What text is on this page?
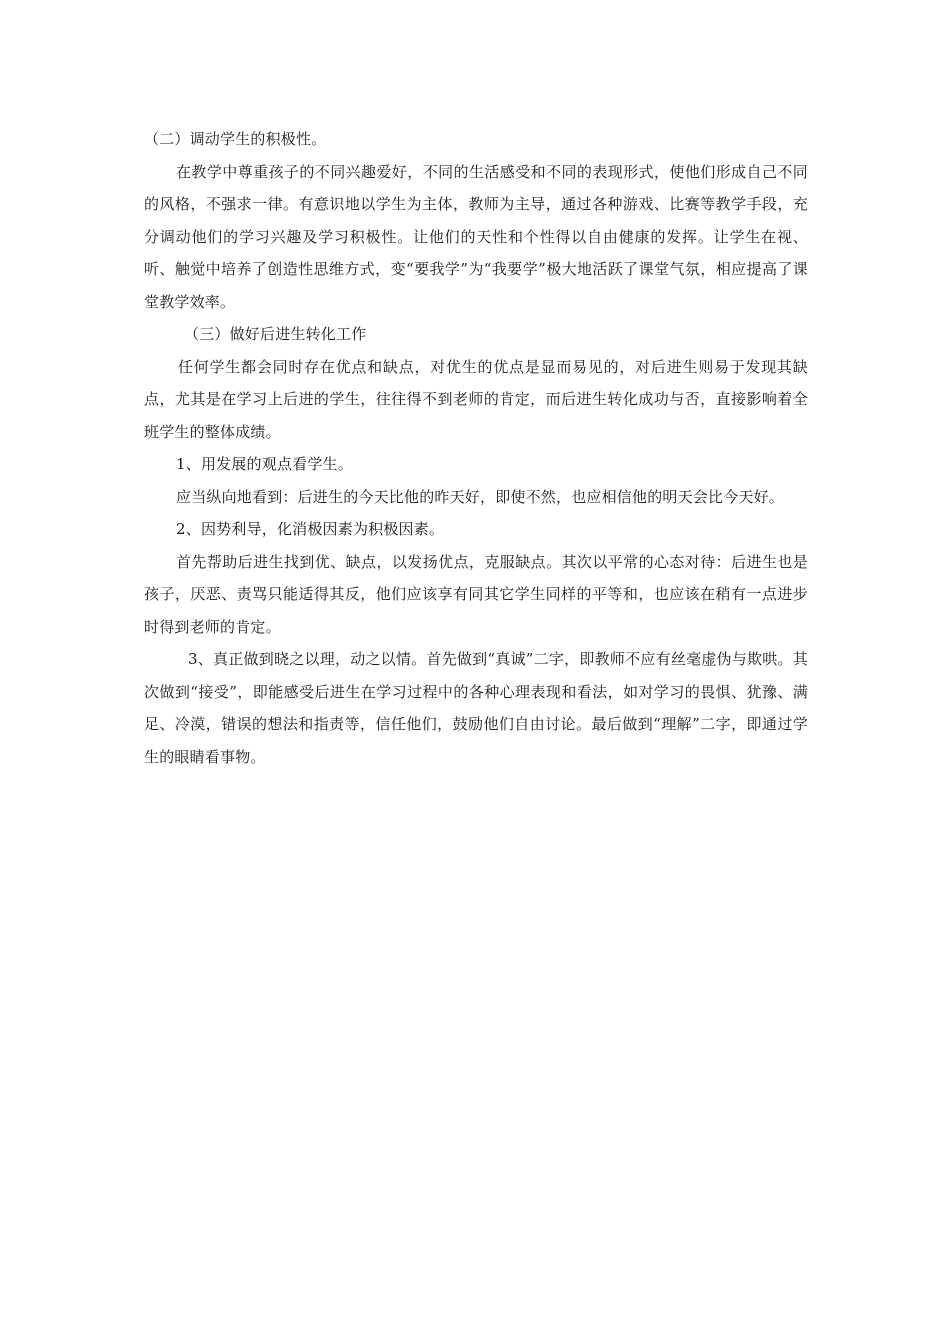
（二）调动学生的积极性。

在教学中尊重孩子的不同兴趣爱好，不同的生活感受和不同的表现形式，使他们形成自己不同的风格，不强求一律。有意识地以学生为主体，教师为主导，通过各种游戏、比赛等教学手段，充分调动他们的学习兴趣及学习积极性。让他们的天性和个性得以自由健康的发挥。让学生在视、听、触觉中培养了创造性思维方式，变“要我学”为“我要学”极大地活跃了课堂气氛，相应提高了课堂教学效率。

（三）做好后进生转化工作

任何学生都会同时存在优点和缺点，对优生的优点是显而易见的，对后进生则易于发现其缺点，尤其是在学习上后进的学生，往往得不到老师的肯定，而后进生转化成功与否，直接影响着全班学生的整体成绩。

1、用发展的观点看学生。

应当纵向地看到：后进生的今天比他的昨天好，即使不然，也应相信他的明天会比今天好。

2、因势利导，化消极因素为积极因素。

首先帮助后进生找到优、缺点，以发扬优点，克服缺点。其次以平常的心态对待：后进生也是孩子，厌恶、责骂只能适得其反，他们应该享有同其它学生同样的平等和，也应该在稍有一点进步时得到老师的肯定。

3、真正做到晓之以理，动之以情。首先做到“真诚”二字，即教师不应有丝毫虚伪与欺哄。其次做到“接受”，即能感受后进生在学习过程中的各种心理表现和看法，如对学习的畏惧、犹豫、满足、冷漠，错误的想法和指责等，信任他们，鼓励他们自由讨论。最后做到“理解”二字，即通过学生的眼睛看事物。
